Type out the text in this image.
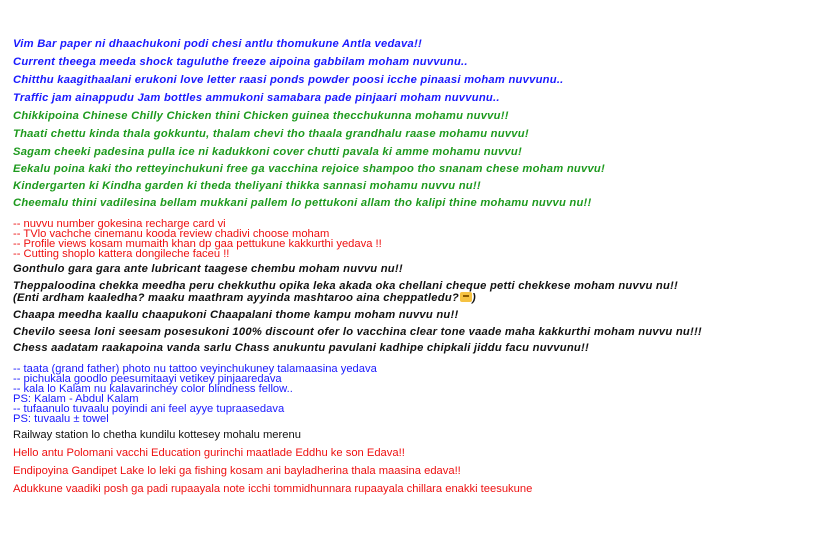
Vim Bar paper ni dhaachukoni podi chesi antlu thomukune Antla vedava!!

Current theega meeda shock taguluthe freeze aipoina gabbilam moham nuvvunu..

Chitthu kaagithaalani erukoni love letter raasi ponds powder poosi icche pinaasi moham nuvvunu..

Traffic jam ainappudu Jam bottles ammukoni samabara pade pinjaari moham nuvvunu..

Chikkipoina Chinese Chilly Chicken thini Chicken guinea thecchukunna mohamu nuvvu!!

Thaati chettu kinda thala gokkuntu, thalam chevi tho thaala grandhalu raase mohamu nuvvu!

Sagam cheeki padesina pulla ice ni kadukkoni cover chutti pavala ki amme mohamu nuvvu!

Eekalu poina kaki tho retteyinchukuni free ga vacchina rejoice shampoo tho snanam chese moham nuvvu!

Kindergarten ki Kindha garden ki theda theliyani thikka sannasi mohamu nuvvu nu!!

Cheemalu thini vadilesina bellam mukkani pallem lo pettukoni allam tho kalipi thine mohamu nuvvu nu!!

-- nuvvu number gokesina recharge card vi

-- TVlo vachche cinemanu kooda review chadivi choose moham

-- Profile views kosam mumaith khan dp gaa pettukune kakkurthi yedava !!

-- Cutting shoplo kattera dongileche faceu !!

Gonthulo gara gara ante lubricant taagese chembu moham nuvvu nu!!

Theppaloodina chekka meedha peru chekkuthu opika leka akada oka chellani cheque petti chekkese moham nuvvu nu!!

(Enti ardham kaaledha? maaku maathram ayyinda mashtaroo aina cheppatledu? )

Chaapa meedha kaallu chaapukoni Chaapalani thome kampu moham nuvvu nu!!

Chevilo seesa loni seesam posesukoni 100% discount ofer lo vacchina clear tone vaade maha kakkurthi moham nuvvu nu!!!

Chess aadatam raakapoina vanda sarlu Chass anukuntu pavulani kadhipe chipkali jiddu facu nuvvunu!!

-- taata (grand father) photo nu tattoo veyinchukuney talamaasina yedava

-- pichukala goodlo peesumitaayi vetikey pinjaaredava

-- kala lo Kalam nu kalavarinchey color blindness fellow..

PS: Kalam - Abdul Kalam

-- tufaanulo tuvaalu poyindi ani feel ayye tupraasedava

PS: tuvaalu ± towel

Railway station lo chetha kundilu kottesey mohalu merenu

Hello antu Polomani vacchi Education gurinchi maatlade Eddhu ke son Edava!!

Endipoyina Gandipet Lake lo leki ga fishing kosam ani bayladherina thala maasina edava!!

Adukkune vaadiki posh ga padi rupaayala note icchi tommidhunnara rupaayala chillara enakki teesukune
